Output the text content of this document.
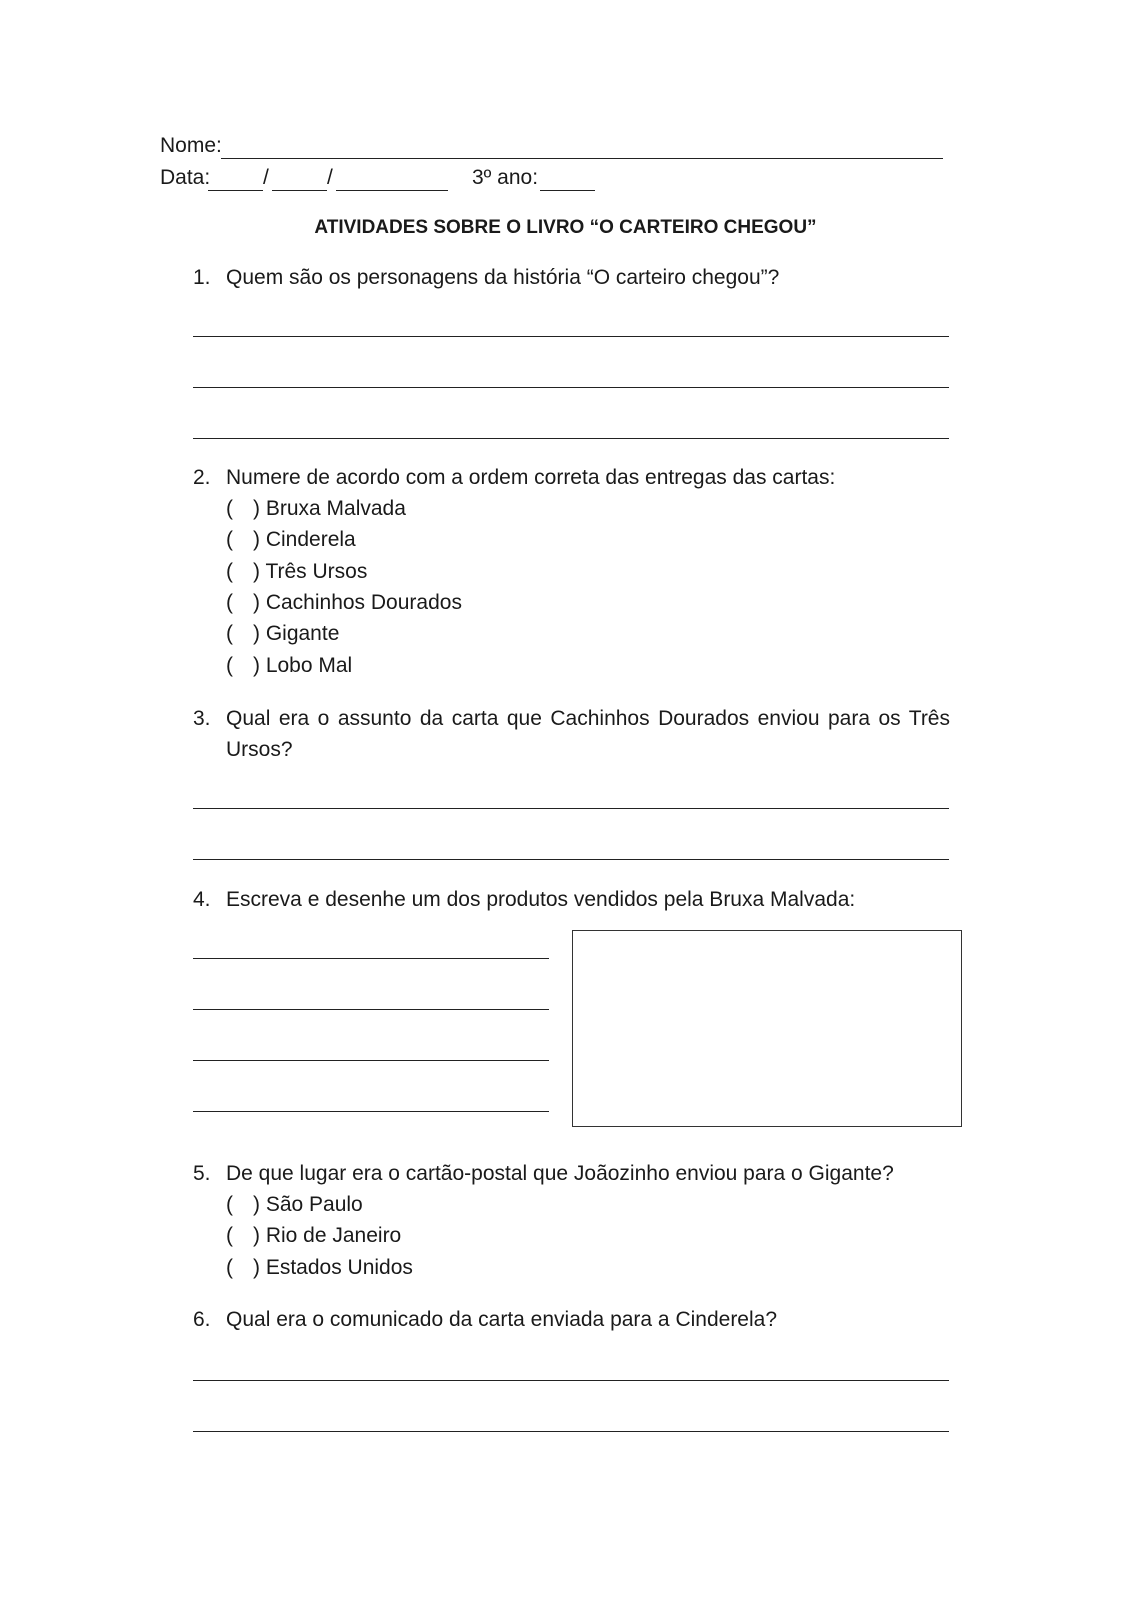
Nome:
Data:	/	/	3º ano:
ATIVIDADES SOBRE O LIVRO “O CARTEIRO CHEGOU”
1. Quem são os personagens da história “O carteiro chegou”?
2. Numere de acordo com a ordem correta das entregas das cartas:
( ) Bruxa Malvada
( ) Cinderela
( ) Três Ursos
( ) Cachinhos Dourados
( ) Gigante
( ) Lobo Mal
3. Qual era o assunto da carta que Cachinhos Dourados enviou para os Três
Ursos?
4. Escreva e desenhe um dos produtos vendidos pela Bruxa Malvada:
5. De que lugar era o cartão-postal que Joãozinho enviou para o Gigante?
( ) São Paulo
( ) Rio de Janeiro
( ) Estados Unidos
6. Qual era o comunicado da carta enviada para a Cinderela?
